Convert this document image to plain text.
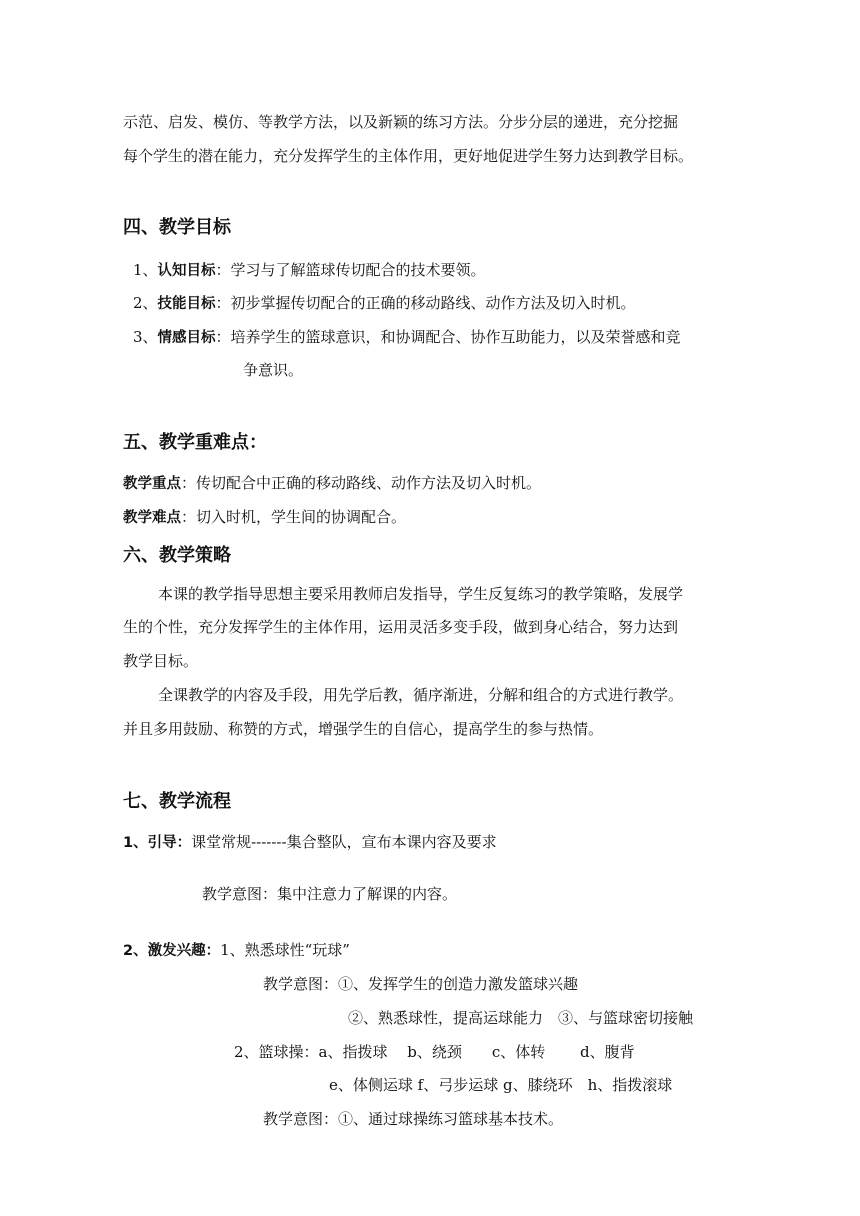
示范、启发、模仿、等教学方法，以及新颖的练习方法。分步分层的递进，充分挖掘
每个学生的潜在能力，充分发挥学生的主体作用，更好地促进学生努力达到教学目标。
四、教学目标
1、认知目标：学习与了解篮球传切配合的技术要领。
2、技能目标：初步掌握传切配合的正确的移动路线、动作方法及切入时机。
3、情感目标：培养学生的篮球意识，和协调配合、协作互助能力，以及荣誉感和竞
争意识。
五、教学重难点：
教学重点：传切配合中正确的移动路线、动作方法及切入时机。
教学难点：切入时机，学生间的协调配合。
六、教学策略
本课的教学指导思想主要采用教师启发指导，学生反复练习的教学策略，发展学
生的个性，充分发挥学生的主体作用，运用灵活多变手段，做到身心结合，努力达到
教学目标。
全课教学的内容及手段，用先学后教，循序渐进，分解和组合的方式进行教学。
并且多用鼓励、称赞的方式，增强学生的自信心，提高学生的参与热情。
七、教学流程
1、引导：课堂常规-------集合整队，宣布本课内容及要求
教学意图：集中注意力了解课的内容。
2、激发兴趣：1、熟悉球性“玩球”
教学意图：①、发挥学生的创造力激发篮球兴趣
②、熟悉球性，提高运球能力　③、与篮球密切接触
2、篮球操：a、指拨球　 b、绕颈　　c、体转　　 d、腹背
e、体侧运球 f、弓步运球 g、膝绕环　h、指拨滚球
教学意图：①、通过球操练习篮球基本技术。
